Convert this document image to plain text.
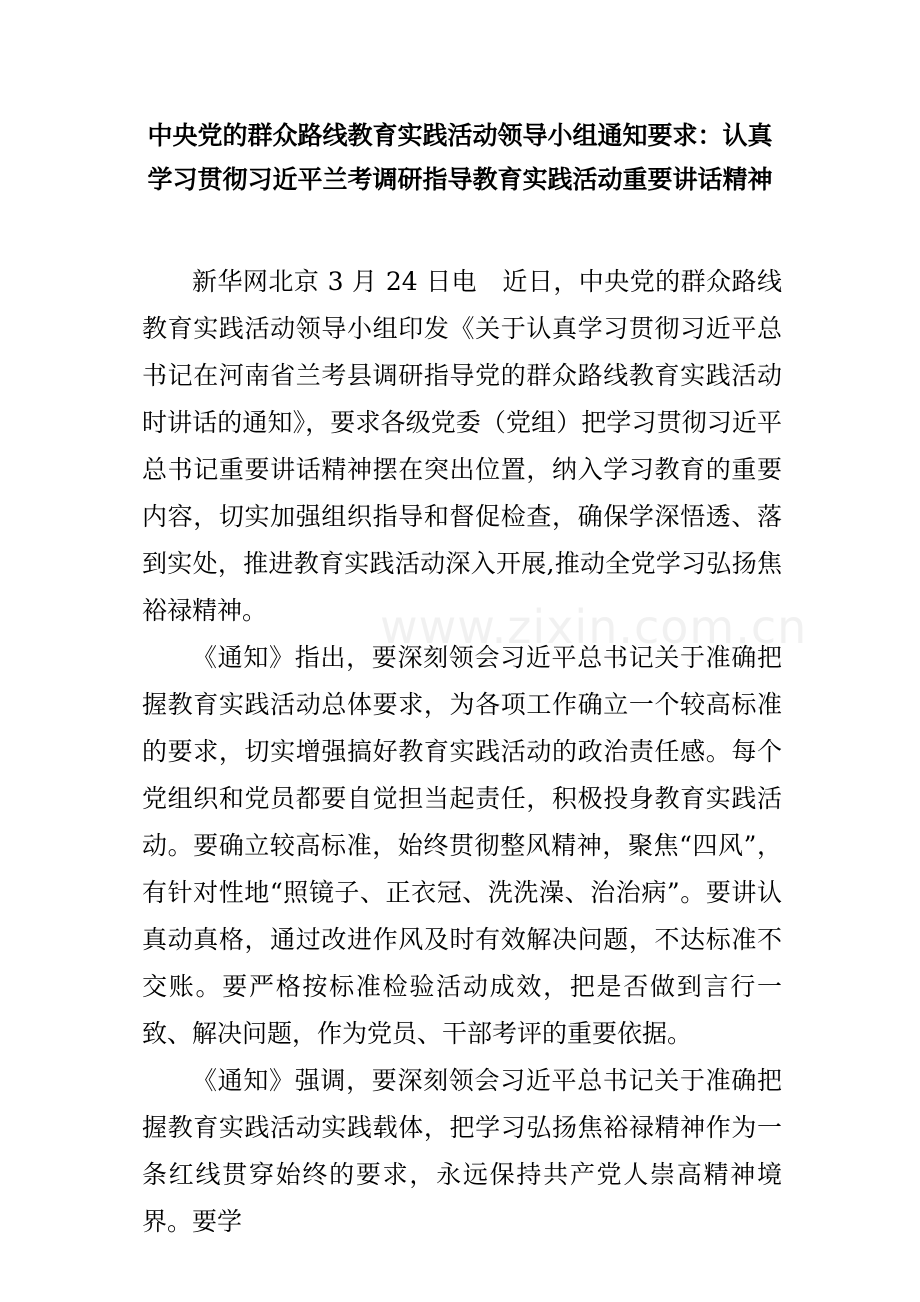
中央党的群众路线教育实践活动领导小组通知要求：认真
学习贯彻习近平兰考调研指导教育实践活动重要讲话精神

新华网北京 3 月 24 日电　近日，中央党的群众路线教育实践活动领导小组印发《关于认真学习贯彻习近平总书记在河南省兰考县调研指导党的群众路线教育实践活动时讲话的通知》，要求各级党委（党组）把学习贯彻习近平总书记重要讲话精神摆在突出位置，纳入学习教育的重要内容，切实加强组织指导和督促检查，确保学深悟透、落到实处，推进教育实践活动深入开展,推动全党学习弘扬焦裕禄精神。

《通知》指出，要深刻领会习近平总书记关于准确把握教育实践活动总体要求，为各项工作确立一个较高标准的要求，切实增强搞好教育实践活动的政治责任感。每个党组织和党员都要自觉担当起责任，积极投身教育实践活动。要确立较高标准，始终贯彻整风精神，聚焦“四风”，有针对性地“照镜子、正衣冠、洗洗澡、治治病”。要讲认真动真格，通过改进作风及时有效解决问题，不达标准不交账。要严格按标准检验活动成效，把是否做到言行一致、解决问题，作为党员、干部考评的重要依据。

《通知》强调，要深刻领会习近平总书记关于准确把握教育实践活动实践载体，把学习弘扬焦裕禄精神作为一条红线贯穿始终的要求，永远保持共产党人崇高精神境界。要学

www.zixin.com.cn
